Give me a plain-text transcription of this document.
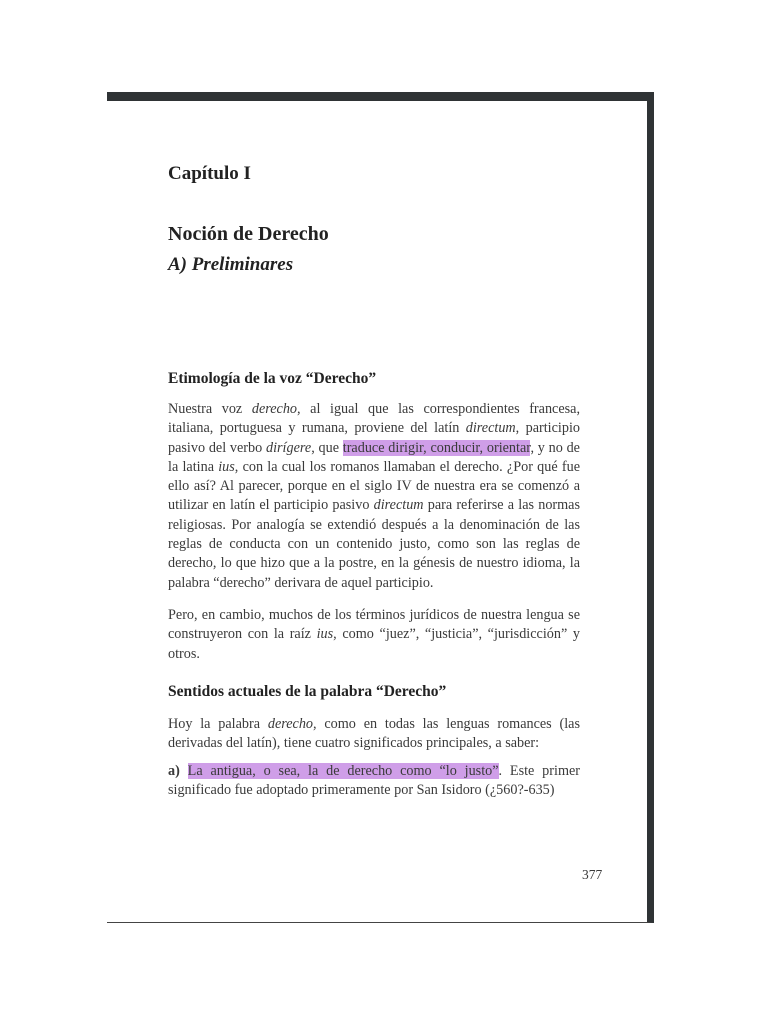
Capítulo I
Noción de Derecho
A) Preliminares
Etimología de la voz “Derecho”

Nuestra voz derecho, al igual que las correspondientes francesa, italiana, portuguesa y rumana, proviene del latín directum, participio pasivo del verbo dirígere, que traduce dirigir, conducir, orientar, y no de la latina ius, con la cual los romanos llamaban el derecho. ¿Por qué fue ello así? Al parecer, porque en el siglo IV de nuestra era se comenzó a utilizar en latín el participio pasivo directum para referirse a las normas religiosas. Por analogía se extendió después a la denominación de las reglas de conducta con un contenido justo, como son las reglas de derecho, lo que hizo que a la postre, en la génesis de nuestro idioma, la palabra “derecho” derivara de aquel participio.

Pero, en cambio, muchos de los términos jurídicos de nuestra lengua se construyeron con la raíz ius, como “juez”, “justicia”, “jurisdicción” y otros.

Sentidos actuales de la palabra “Derecho”

Hoy la palabra derecho, como en todas las lenguas romances (las derivadas del latín), tiene cuatro significados principales, a saber:

a) La antigua, o sea, la de derecho como “lo justo”. Este primer significado fue adoptado primeramente por San Isidoro (¿560?-635)

377
